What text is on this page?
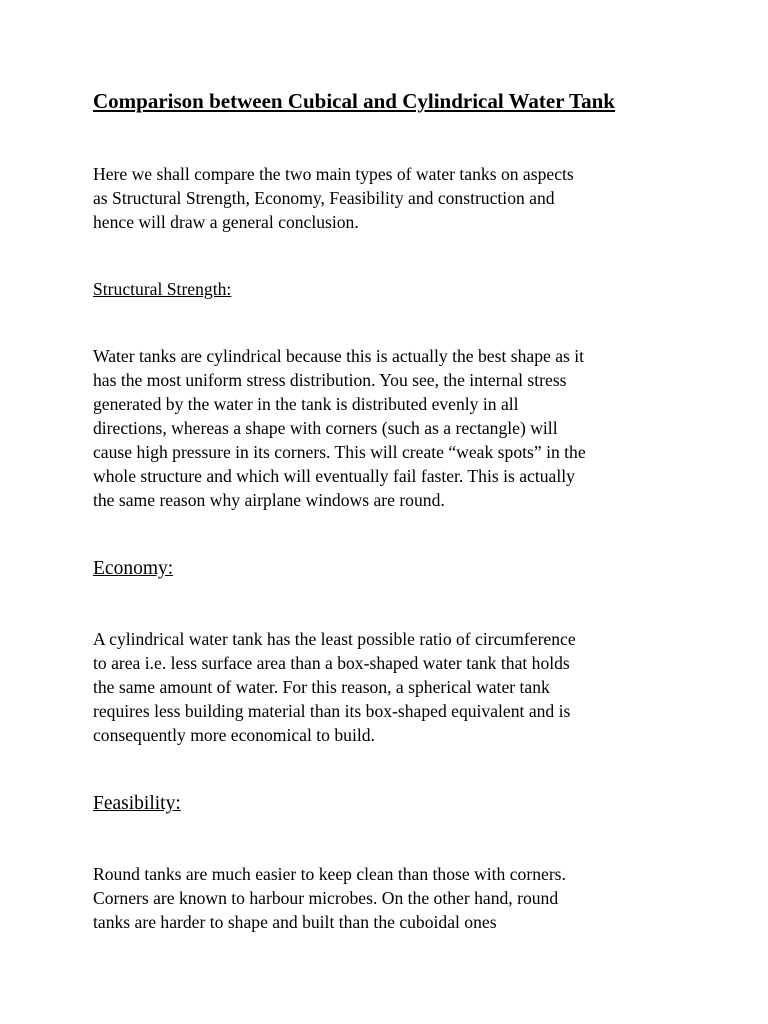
Comparison between Cubical and Cylindrical Water Tank

Here we shall compare the two main types of water tanks on aspects
as Structural Strength, Economy, Feasibility and construction and
hence will draw a general conclusion.

Structural Strength:

Water tanks are cylindrical because this is actually the best shape as it
has the most uniform stress distribution. You see, the internal stress
generated by the water in the tank is distributed evenly in all
directions, whereas a shape with corners (such as a rectangle) will
cause high pressure in its corners. This will create “weak spots” in the
whole structure and which will eventually fail faster. This is actually
the same reason why airplane windows are round.

Economy:

A cylindrical water tank has the least possible ratio of circumference
to area i.e. less surface area than a box-shaped water tank that holds
the same amount of water. For this reason, a spherical water tank
requires less building material than its box-shaped equivalent and is
consequently more economical to build.

Feasibility:

Round tanks are much easier to keep clean than those with corners.
Corners are known to harbour microbes. On the other hand, round
tanks are harder to shape and built than the cuboidal ones
